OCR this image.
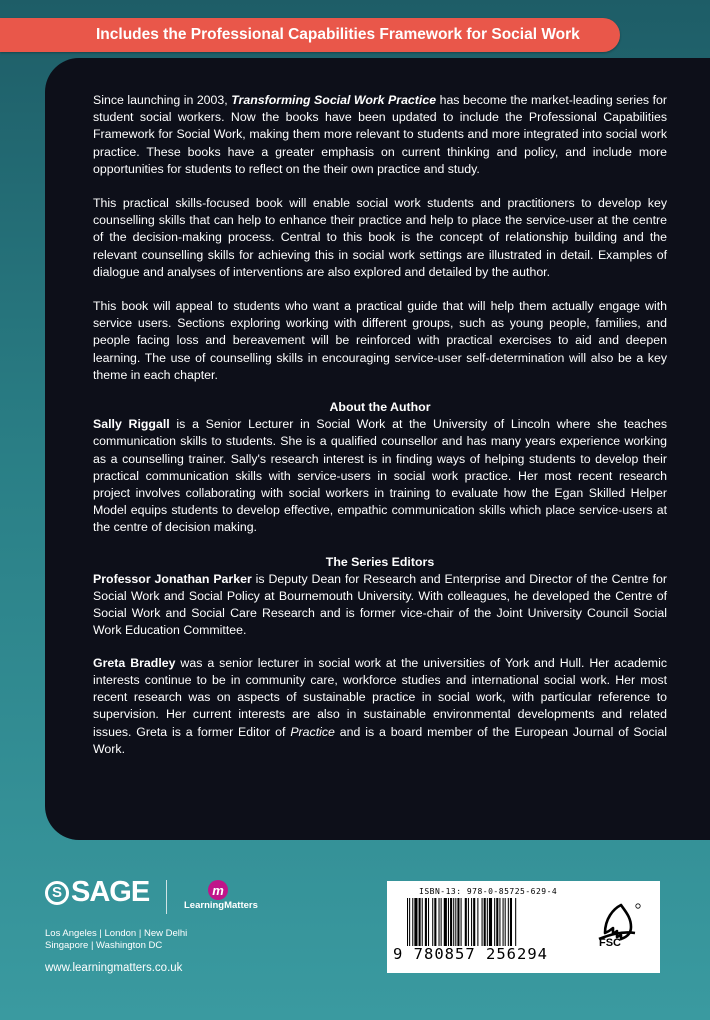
Includes the Professional Capabilities Framework for Social Work

Since launching in 2003, Transforming Social Work Practice has become the market-leading series for student social workers. Now the books have been updated to include the Professional Capabilities Framework for Social Work, making them more relevant to students and more integrated into social work practice. These books have a greater emphasis on current thinking and policy, and include more opportunities for students to reflect on the their own practice and study.

This practical skills-focused book will enable social work students and practitioners to develop key counselling skills that can help to enhance their practice and help to place the service-user at the centre of the decision-making process. Central to this book is the concept of relationship building and the relevant counselling skills for achieving this in social work settings are illustrated in detail. Examples of dialogue and analyses of interventions are also explored and detailed by the author.

This book will appeal to students who want a practical guide that will help them actually engage with service users. Sections exploring working with different groups, such as young people, families, and people facing loss and bereavement will be reinforced with practical exercises to aid and deepen learning. The use of counselling skills in encouraging service-user self-determination will also be a key theme in each chapter.

About the Author

Sally Riggall is a Senior Lecturer in Social Work at the University of Lincoln where she teaches communication skills to students. She is a qualified counsellor and has many years experience working as a counselling trainer. Sally's research interest is in finding ways of helping students to develop their practical communication skills with service-users in social work practice. Her most recent research project involves collaborating with social workers in training to evaluate how the Egan Skilled Helper Model equips students to develop effective, empathic communication skills which place service-users at the centre of decision making.

The Series Editors

Professor Jonathan Parker is Deputy Dean for Research and Enterprise and Director of the Centre for Social Work and Social Policy at Bournemouth University. With colleagues, he developed the Centre of Social Work and Social Care Research and is former vice-chair of the Joint University Council Social Work Education Committee.

Greta Bradley was a senior lecturer in social work at the universities of York and Hull. Her academic interests continue to be in community care, workforce studies and international social work. Her most recent research was on aspects of sustainable practice in social work, with particular reference to supervision. Her current interests are also in sustainable environmental developments and related issues. Greta is a former Editor of Practice and is a board member of the European Journal of Social Work.

S SAGE	m
LearningMatters
Los Angeles | London | New Delhi
Singapore | Washington DC
www.learningmatters.co.uk
ISBN-13: 978-0-85725-629-4
9 780857 256294
FSC
